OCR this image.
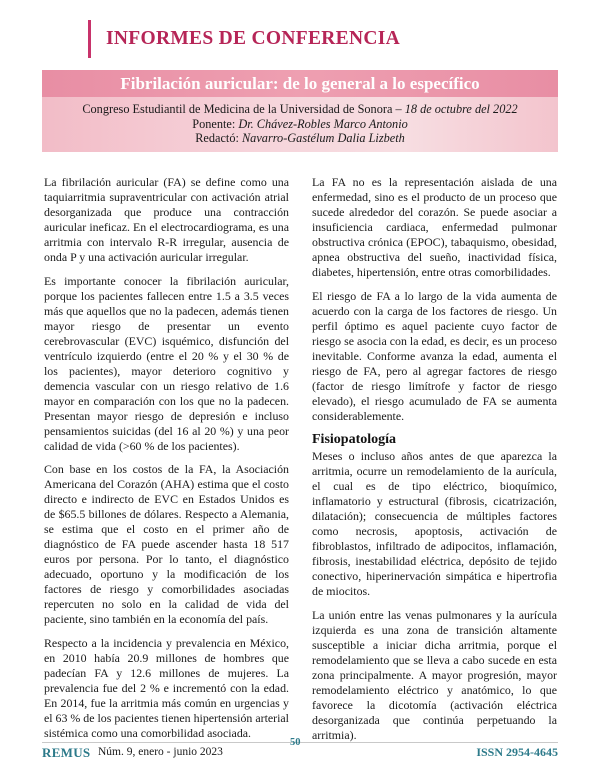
INFORMES DE CONFERENCIA
Fibrilación auricular: de lo general a lo específico
Congreso Estudiantil de Medicina de la Universidad de Sonora – 18 de octubre del 2022
Ponente: Dr. Chávez-Robles Marco Antonio
Redactó: Navarro-Gastélum Dalia Lizbeth

La fibrilación auricular (FA) se define como una taquiarritmia supraventricular con activación atrial desorganizada que produce una contracción auricular ineficaz. En el electrocardiograma, es una arritmia con intervalo R-R irregular, ausencia de onda P y una activación auricular irregular.

Es importante conocer la fibrilación auricular, porque los pacientes fallecen entre 1.5 a 3.5 veces más que aquellos que no la padecen, además tienen mayor riesgo de presentar un evento cerebrovascular (EVC) isquémico, disfunción del ventrículo izquierdo (entre el 20 % y el 30 % de los pacientes), mayor deterioro cognitivo y demencia vascular con un riesgo relativo de 1.6 mayor en comparación con los que no la padecen. Presentan mayor riesgo de depresión e incluso pensamientos suicidas (del 16 al 20 %) y una peor calidad de vida (>60 % de los pacientes).

Con base en los costos de la FA, la Asociación Americana del Corazón (AHA) estima que el costo directo e indirecto de EVC en Estados Unidos es de $65.5 billones de dólares. Respecto a Alemania, se estima que el costo en el primer año de diagnóstico de FA puede ascender hasta 18 517 euros por persona. Por lo tanto, el diagnóstico adecuado, oportuno y la modificación de los factores de riesgo y comorbilidades asociadas repercuten no solo en la calidad de vida del paciente, sino también en la economía del país.

Respecto a la incidencia y prevalencia en México, en 2010 había 20.9 millones de hombres que padecían FA y 12.6 millones de mujeres. La prevalencia fue del 2 % e incrementó con la edad. En 2014, fue la arritmia más común en urgencias y el 63 % de los pacientes tienen hipertensión arterial sistémica como una comorbilidad asociada.

La FA no es la representación aislada de una enfermedad, sino es el producto de un proceso que sucede alrededor del corazón. Se puede asociar a insuficiencia cardiaca, enfermedad pulmonar obstructiva crónica (EPOC), tabaquismo, obesidad, apnea obstructiva del sueño, inactividad física, diabetes, hipertensión, entre otras comorbilidades.

El riesgo de FA a lo largo de la vida aumenta de acuerdo con la carga de los factores de riesgo. Un perfil óptimo es aquel paciente cuyo factor de riesgo se asocia con la edad, es decir, es un proceso inevitable. Conforme avanza la edad, aumenta el riesgo de FA, pero al agregar factores de riesgo (factor de riesgo limítrofe y factor de riesgo elevado), el riesgo acumulado de FA se aumenta considerablemente.

Fisiopatología

Meses o incluso años antes de que aparezca la arritmia, ocurre un remodelamiento de la aurícula, el cual es de tipo eléctrico, bioquímico, inflamatorio y estructural (fibrosis, cicatrización, dilatación); consecuencia de múltiples factores como necrosis, apoptosis, activación de fibroblastos, infiltrado de adipocitos, inflamación, fibrosis, inestabilidad eléctrica, depósito de tejido conectivo, hiperinervación simpática e hipertrofia de miocitos.

La unión entre las venas pulmonares y la aurícula izquierda es una zona de transición altamente susceptible a iniciar dicha arritmia, porque el remodelamiento que se lleva a cabo sucede en esta zona principalmente. A mayor progresión, mayor remodelamiento eléctrico y anatómico, lo que favorece la dicotomía (activación eléctrica desorganizada que continúa perpetuando la arritmia).

REMUS Núm. 9, enero - junio 2023
50
ISSN 2954-4645
